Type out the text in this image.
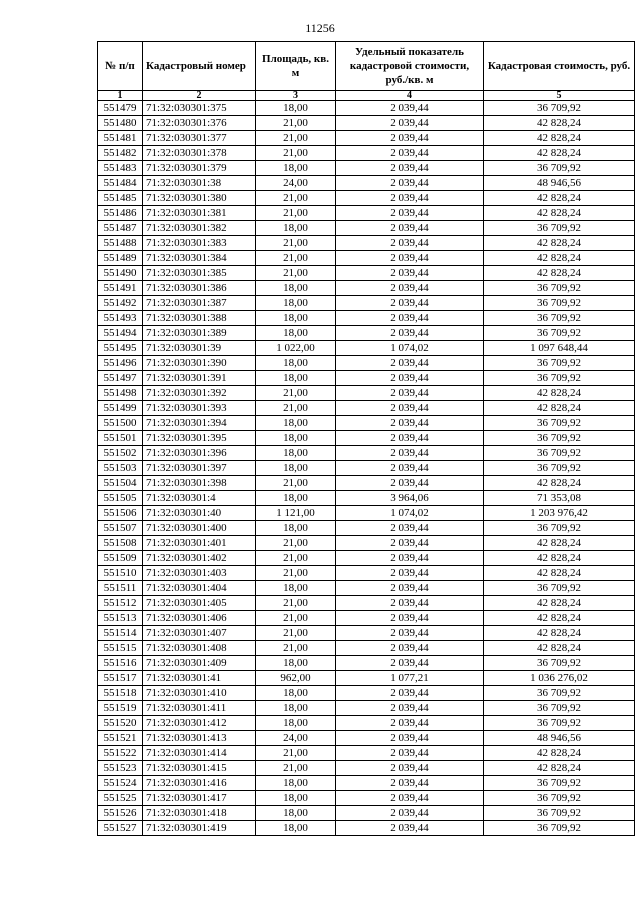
11256
№ п/п	Кадастровый номер	Площадь, кв. м	Удельный показатель кадастровой стоимости, руб./кв. м	Кадастровая стоимость, руб.
1	2	3	4	5
551479	71:32:030301:375	18,00	2 039,44	36 709,92
551480	71:32:030301:376	21,00	2 039,44	42 828,24
551481	71:32:030301:377	21,00	2 039,44	42 828,24
551482	71:32:030301:378	21,00	2 039,44	42 828,24
551483	71:32:030301:379	18,00	2 039,44	36 709,92
551484	71:32:030301:38	24,00	2 039,44	48 946,56
551485	71:32:030301:380	21,00	2 039,44	42 828,24
551486	71:32:030301:381	21,00	2 039,44	42 828,24
551487	71:32:030301:382	18,00	2 039,44	36 709,92
551488	71:32:030301:383	21,00	2 039,44	42 828,24
551489	71:32:030301:384	21,00	2 039,44	42 828,24
551490	71:32:030301:385	21,00	2 039,44	42 828,24
551491	71:32:030301:386	18,00	2 039,44	36 709,92
551492	71:32:030301:387	18,00	2 039,44	36 709,92
551493	71:32:030301:388	18,00	2 039,44	36 709,92
551494	71:32:030301:389	18,00	2 039,44	36 709,92
551495	71:32:030301:39	1 022,00	1 074,02	1 097 648,44
551496	71:32:030301:390	18,00	2 039,44	36 709,92
551497	71:32:030301:391	18,00	2 039,44	36 709,92
551498	71:32:030301:392	21,00	2 039,44	42 828,24
551499	71:32:030301:393	21,00	2 039,44	42 828,24
551500	71:32:030301:394	18,00	2 039,44	36 709,92
551501	71:32:030301:395	18,00	2 039,44	36 709,92
551502	71:32:030301:396	18,00	2 039,44	36 709,92
551503	71:32:030301:397	18,00	2 039,44	36 709,92
551504	71:32:030301:398	21,00	2 039,44	42 828,24
551505	71:32:030301:4	18,00	3 964,06	71 353,08
551506	71:32:030301:40	1 121,00	1 074,02	1 203 976,42
551507	71:32:030301:400	18,00	2 039,44	36 709,92
551508	71:32:030301:401	21,00	2 039,44	42 828,24
551509	71:32:030301:402	21,00	2 039,44	42 828,24
551510	71:32:030301:403	21,00	2 039,44	42 828,24
551511	71:32:030301:404	18,00	2 039,44	36 709,92
551512	71:32:030301:405	21,00	2 039,44	42 828,24
551513	71:32:030301:406	21,00	2 039,44	42 828,24
551514	71:32:030301:407	21,00	2 039,44	42 828,24
551515	71:32:030301:408	21,00	2 039,44	42 828,24
551516	71:32:030301:409	18,00	2 039,44	36 709,92
551517	71:32:030301:41	962,00	1 077,21	1 036 276,02
551518	71:32:030301:410	18,00	2 039,44	36 709,92
551519	71:32:030301:411	18,00	2 039,44	36 709,92
551520	71:32:030301:412	18,00	2 039,44	36 709,92
551521	71:32:030301:413	24,00	2 039,44	48 946,56
551522	71:32:030301:414	21,00	2 039,44	42 828,24
551523	71:32:030301:415	21,00	2 039,44	42 828,24
551524	71:32:030301:416	18,00	2 039,44	36 709,92
551525	71:32:030301:417	18,00	2 039,44	36 709,92
551526	71:32:030301:418	18,00	2 039,44	36 709,92
551527	71:32:030301:419	18,00	2 039,44	36 709,92
